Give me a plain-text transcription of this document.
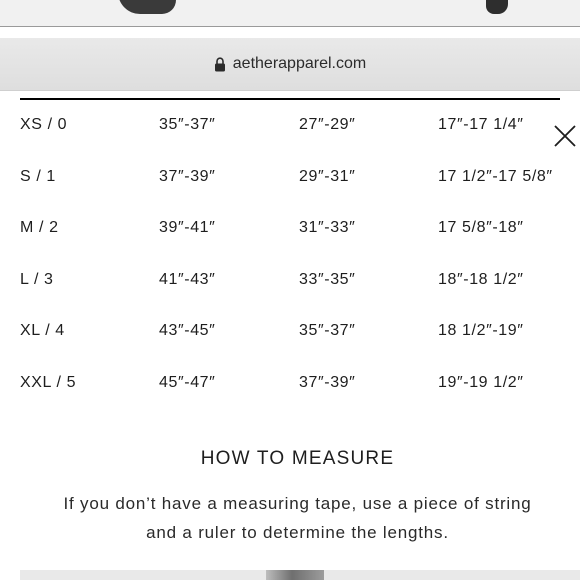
aetherapparel.com
XS / 0	35″-37″	27″-29″	17″-17 1/4″
S / 1	37″-39″	29″-31″	17 1/2″-17 5/8″
M / 2	39″-41″	31″-33″	17 5/8″-18″
L / 3	41″-43″	33″-35″	18″-18 1/2″
XL / 4	43″-45″	35″-37″	18 1/2″-19″
XXL / 5	45″-47″	37″-39″	19″-19 1/2″
HOW TO MEASURE
If you don’t have a measuring tape, use a piece of string
and a ruler to determine the lengths.
